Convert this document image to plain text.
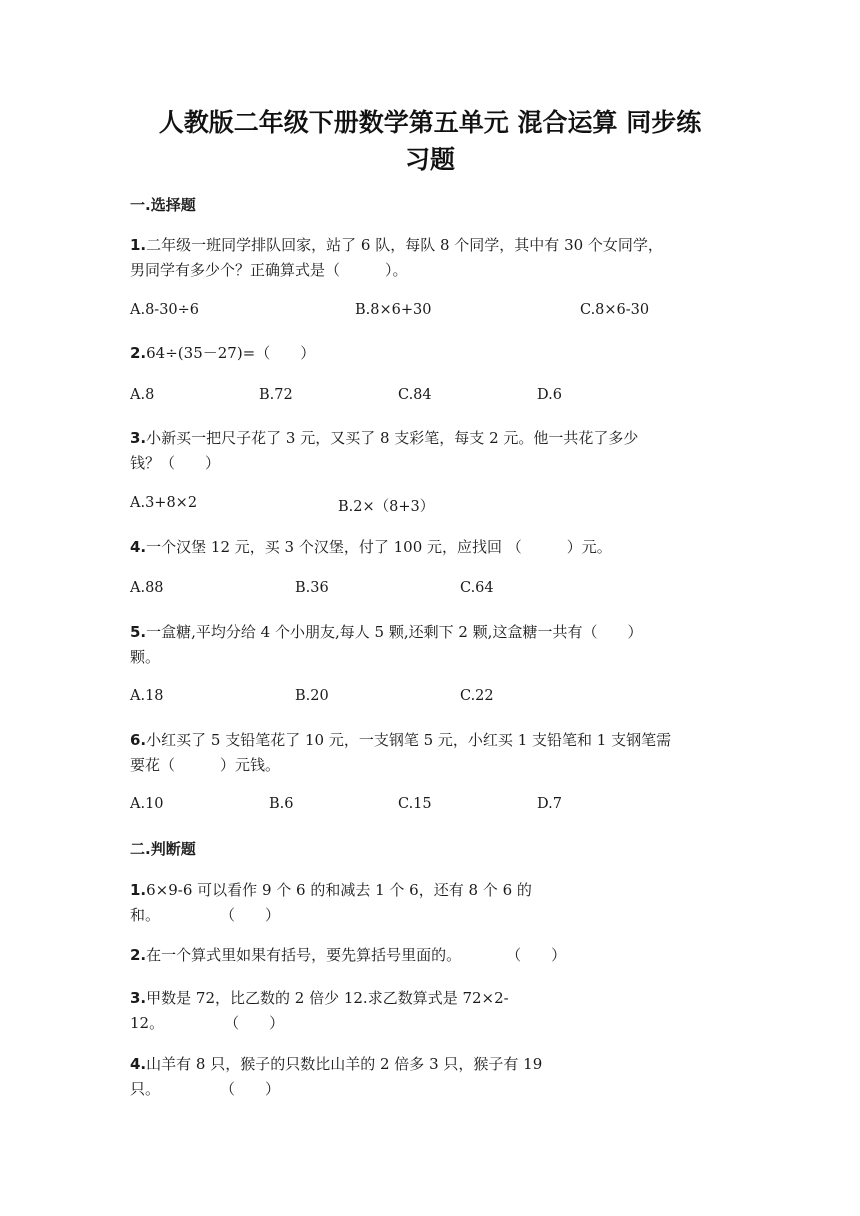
人教版二年级下册数学第五单元 混合运算 同步练
习题
一.选择题
1.二年级一班同学排队回家，站了 6 队，每队 8 个同学，其中有 30 个女同学，
男同学有多少个？正确算式是（　　　）。
A.8-30÷6	B.8×6+30	C.8×6-30
2.64÷(35－27)=（　　）
A.8	B.72	C.84	D.6
3.小新买一把尺子花了 3 元，又买了 8 支彩笔，每支 2 元。他一共花了多少
钱？（　　）
A.3+8×2	B.2×（8+3）
4.一个汉堡 12 元，买 3 个汉堡，付了 100 元，应找回 （　　　）元。
A.88	B.36	C.64
5.一盒糖,平均分给 4 个小朋友,每人 5 颗,还剩下 2 颗,这盒糖一共有（　　）
颗。
A.18	B.20	C.22
6.小红买了 5 支铅笔花了 10 元，一支钢笔 5 元，小红买 1 支铅笔和 1 支钢笔需
要花（　　　）元钱。
A.10	B.6	C.15	D.7
二.判断题
1.6×9-6 可以看作 9 个 6 的和减去 1 个 6，还有 8 个 6 的
和。　　　　　（　　）
2.在一个算式里如果有括号，要先算括号里面的。　　　　（　　）
3.甲数是 72，比乙数的 2 倍少 12.求乙数算式是 72×2-
12。　　　　　（　　）
4.山羊有 8 只，猴子的只数比山羊的 2 倍多 3 只，猴子有 19
只。　　　　　（　　）
